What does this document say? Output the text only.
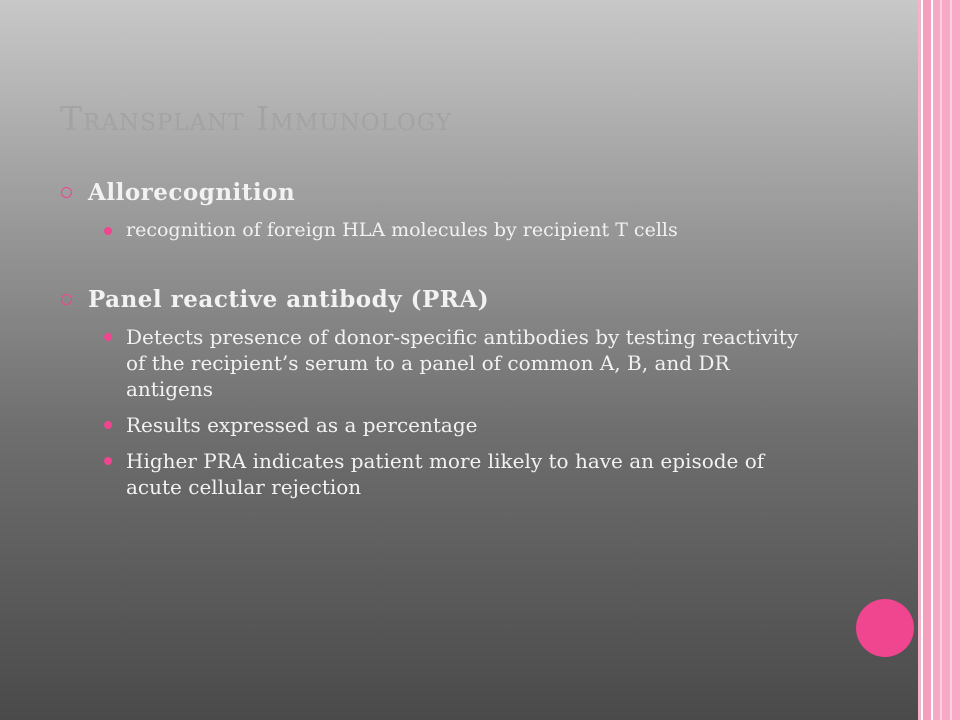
Transplant Immunology
Allorecognition
recognition of foreign HLA molecules by recipient T cells
Panel reactive antibody (PRA)
Detects presence of donor-specific antibodies by testing reactivity of the recipient’s serum to a panel of common A, B, and DR antigens
Results expressed as a percentage
Higher PRA indicates patient more likely to have an episode of acute cellular rejection
